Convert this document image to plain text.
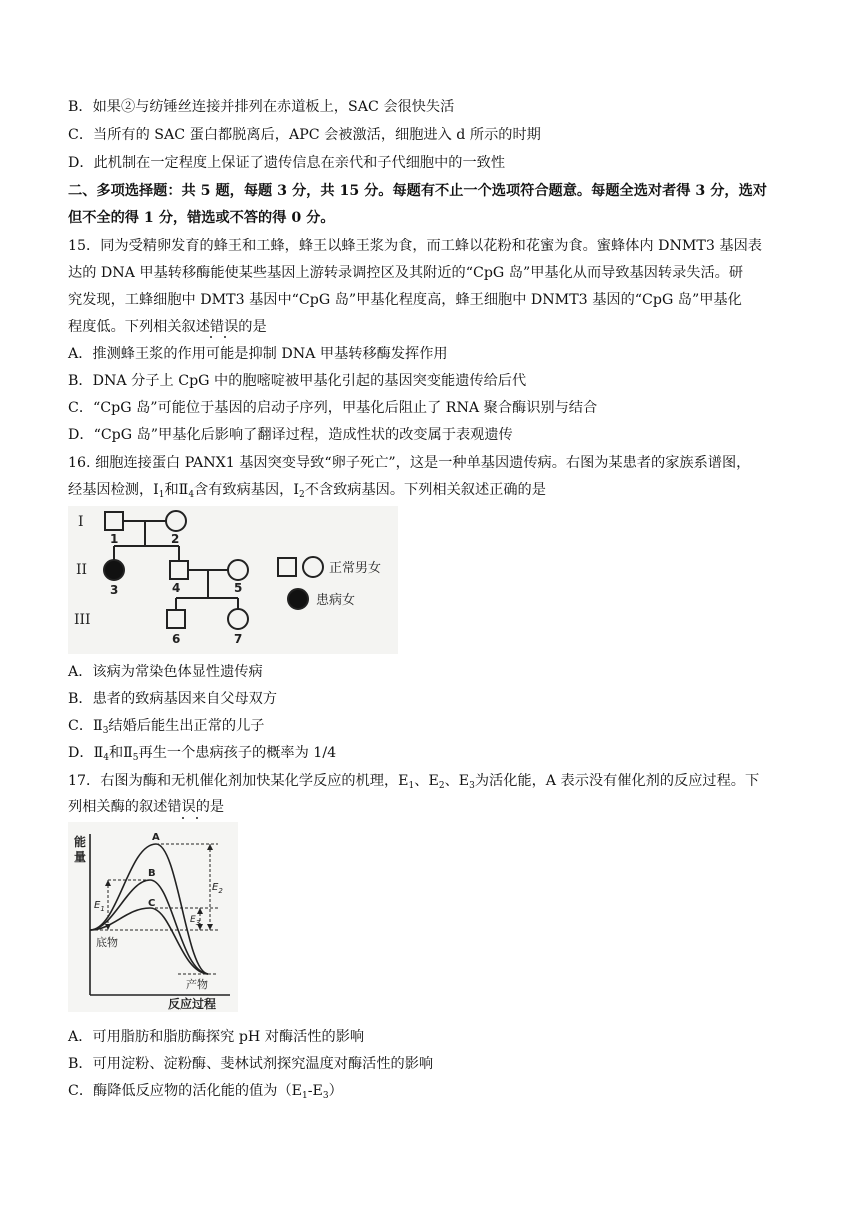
B．如果②与纺锤丝连接并排列在赤道板上，SAC 会很快失活
C．当所有的 SAC 蛋白都脱离后，APC 会被激活，细胞进入 d 所示的时期
D．此机制在一定程度上保证了遗传信息在亲代和子代细胞中的一致性
二、多项选择题：共 5 题，每题 3 分，共 15 分。每题有不止一个选项符合题意。每题全选对者得 3 分，选对
但不全的得 1 分，错选或不答的得 0 分。
15．同为受精卵发育的蜂王和工蜂，蜂王以蜂王浆为食，而工蜂以花粉和花蜜为食。蜜蜂体内 DNMT3 基因表
达的 DNA 甲基转移酶能使某些基因上游转录调控区及其附近的“CpG 岛”甲基化从而导致基因转录失活。研
究发现，工蜂细胞中 DMT3 基因中“CpG 岛”甲基化程度高，蜂王细胞中 DNMT3 基因的“CpG 岛”甲基化
程度低。下列相关叙述错误的是
A．推测蜂王浆的作用可能是抑制 DNA 甲基转移酶发挥作用
B．DNA 分子上 CpG 中的胞嘧啶被甲基化引起的基因突变能遗传给后代
C．“CpG 岛”可能位于基因的启动子序列，甲基化后阻止了 RNA 聚合酶识别与结合
D．“CpG 岛”甲基化后影响了翻译过程，造成性状的改变属于表观遗传
16. 细胞连接蛋白 PANX1 基因突变导致“卵子死亡”，这是一种单基因遗传病。右图为某患者的家族系谱图，
经基因检测，$Ⅰ_1$和$Ⅱ_4$含有致病基因，$Ⅰ_2$不含致病基因。下列相关叙述正确的是
I
II
III
1	2
3	4	5
6	7
正常男女
患病女
A．该病为常染色体显性遗传病
B．患者的致病基因来自父母双方
C．$Ⅱ_3$结婚后能生出正常的儿子
D．$Ⅱ_4$和$Ⅱ_5$再生一个患病孩子的概率为 1/4
17．右图为酶和无机催化剂加快某化学反应的机理，$E_1$、$E_2$、$E_3$为活化能，A 表示没有催化剂的反应过程。下
列相关酶的叙述错误的是
能
量
A
B
C
$E_1$
$E_2$
$E_3$
底物
产物
反应过程
A．可用脂肪和脂肪酶探究 pH 对酶活性的影响
B．可用淀粉、淀粉酶、斐林试剂探究温度对酶活性的影响
C．酶降低反应物的活化能的值为$(E_1-E_3)$
